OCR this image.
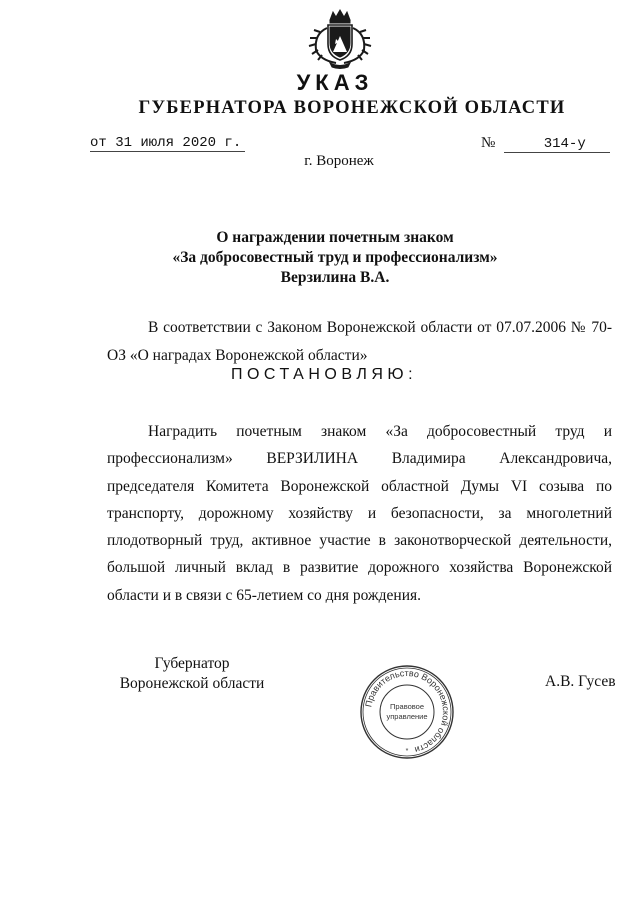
УКАЗ
ГУБЕРНАТОРА ВОРОНЕЖСКОЙ ОБЛАСТИ
от 31 июля 2020 г.	№	314-у
г. Воронеж
О награждении почетным знаком
«За добросовестный труд и профессионализм»
Верзилина В.А.
В соответствии с Законом Воронежской области от 07.07.2006 № 70-ОЗ «О наградах Воронежской области»
ПОСТАНОВЛЯЮ:
Наградить почетным знаком «За добросовестный труд и профессионализм» ВЕРЗИЛИНА Владимира Александровича, председателя Комитета Воронежской областной Думы VI созыва по транспорту, дорожному хозяйству и безопасности, за многолетний плодотворный труд, активное участие в законотворческой деятельности, большой личный вклад в развитие дорожного хозяйства Воронежской области и в связи с 65-летием со дня рождения.
Губернатор
Воронежской области
Правительство Воронежской области
Правовое
управление
*
А.В. Гусев
